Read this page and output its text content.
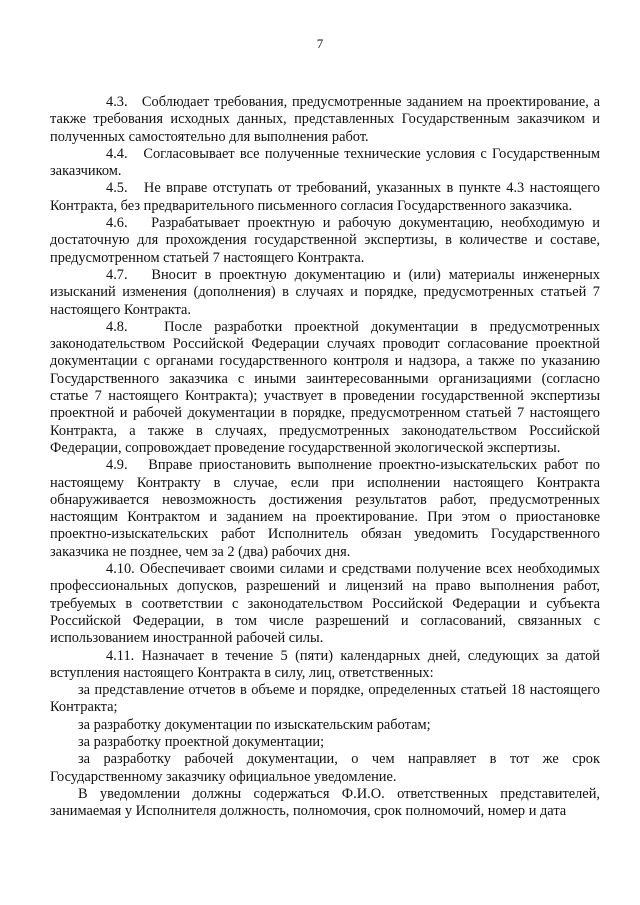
7

4.3. Соблюдает требования, предусмотренные заданием на проектирование, а также требования исходных данных, представленных Государственным заказчиком и полученных самостоятельно для выполнения работ.

4.4. Согласовывает все полученные технические условия с Государственным заказчиком.

4.5. Не вправе отступать от требований, указанных в пункте 4.3 настоящего Контракта, без предварительного письменного согласия Государственного заказчика.

4.6. Разрабатывает проектную и рабочую документацию, необходимую и достаточную для прохождения государственной экспертизы, в количестве и составе, предусмотренном статьей 7 настоящего Контракта.

4.7. Вносит в проектную документацию и (или) материалы инженерных изысканий изменения (дополнения) в случаях и порядке, предусмотренных статьей 7 настоящего Контракта.

4.8.	После разработки проектной документации в предусмотренных законодательством Российской Федерации случаях проводит согласование проектной документации с органами государственного контроля и надзора, а также по указанию Государственного заказчика с иными заинтересованными организациями (согласно статье 7 настоящего Контракта); участвует в проведении государственной экспертизы проектной и рабочей документации в порядке, предусмотренном статьей 7 настоящего Контракта, а также в случаях, предусмотренных законодательством Российской Федерации, сопровождает проведение государственной экологической экспертизы.

4.9. Вправе приостановить выполнение проектно-изыскательских работ по настоящему Контракту в случае, если при исполнении настоящего Контракта обнаруживается невозможность достижения результатов работ, предусмотренных настоящим Контрактом и заданием на проектирование. При этом о приостановке проектно-изыскательских работ Исполнитель обязан уведомить Государственного заказчика не позднее, чем за 2 (два) рабочих дня.

4.10. Обеспечивает своими силами и средствами получение всех необходимых профессиональных допусков, разрешений и лицензий на право выполнения работ, требуемых в соответствии с законодательством Российской Федерации и субъекта Российской Федерации, в том числе разрешений и согласований, связанных с использованием иностранной рабочей силы.

4.11. Назначает в течение 5 (пяти) календарных дней, следующих за датой вступления настоящего Контракта в силу, лиц, ответственных:

за представление отчетов в объеме и порядке, определенных статьей 18 настоящего Контракта;

за разработку документации по изыскательским работам;

за разработку проектной документации;

за разработку рабочей документации, о чем направляет в тот же срок Государственному заказчику официальное уведомление.

В уведомлении должны содержаться Ф.И.О. ответственных представителей, занимаемая у Исполнителя должность, полномочия, срок полномочий, номер и дата
